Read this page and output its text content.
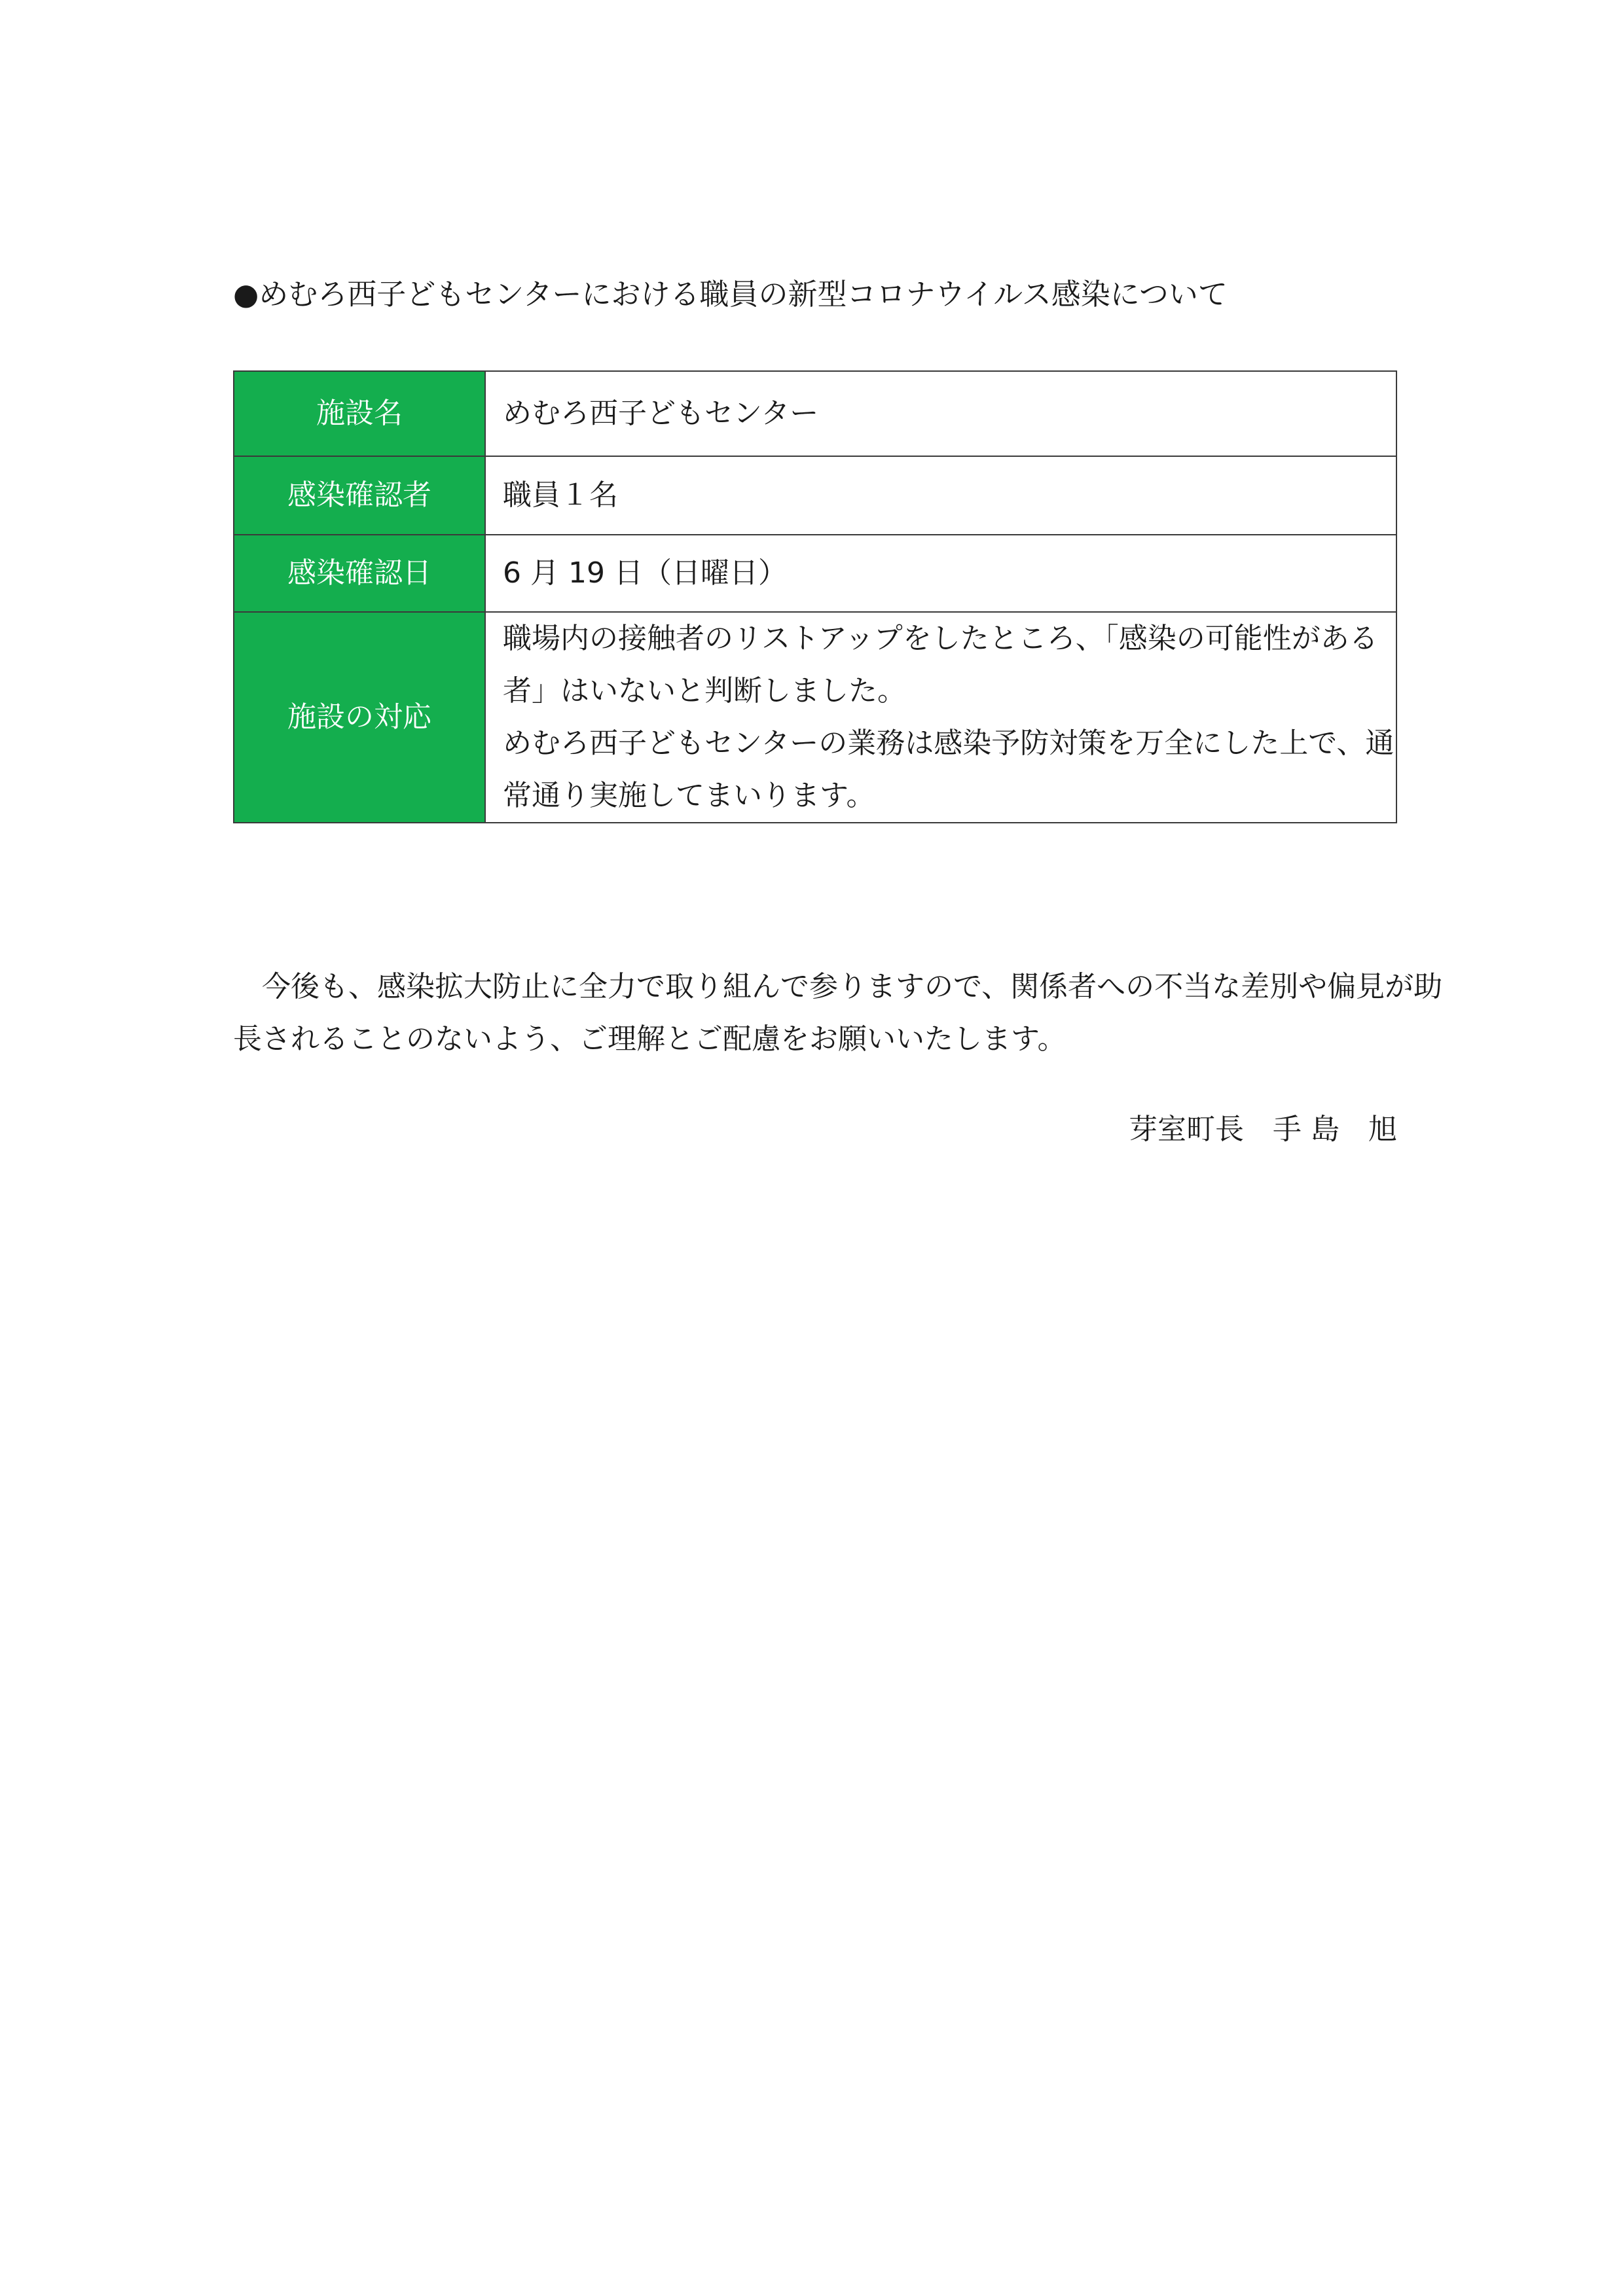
●めむろ西子どもセンターにおける職員の新型コロナウイルス感染について
施設名	めむろ西子どもセンター
感染確認者	職員１名
感染確認日	6 月 19 日（日曜日）
施設の対応	職場内の接触者のリストアップをしたところ、「感染の可能性がある
者」はいないと判断しました。
めむろ西子どもセンターの業務は感染予防対策を万全にした上で、通
常通り実施してまいります。
　今後も、感染拡大防止に全力で取り組んで参りますので、関係者への不当な差別や偏見が助
長されることのないよう、ご理解とご配慮をお願いいたします。
芽室町長　手 島　旭
